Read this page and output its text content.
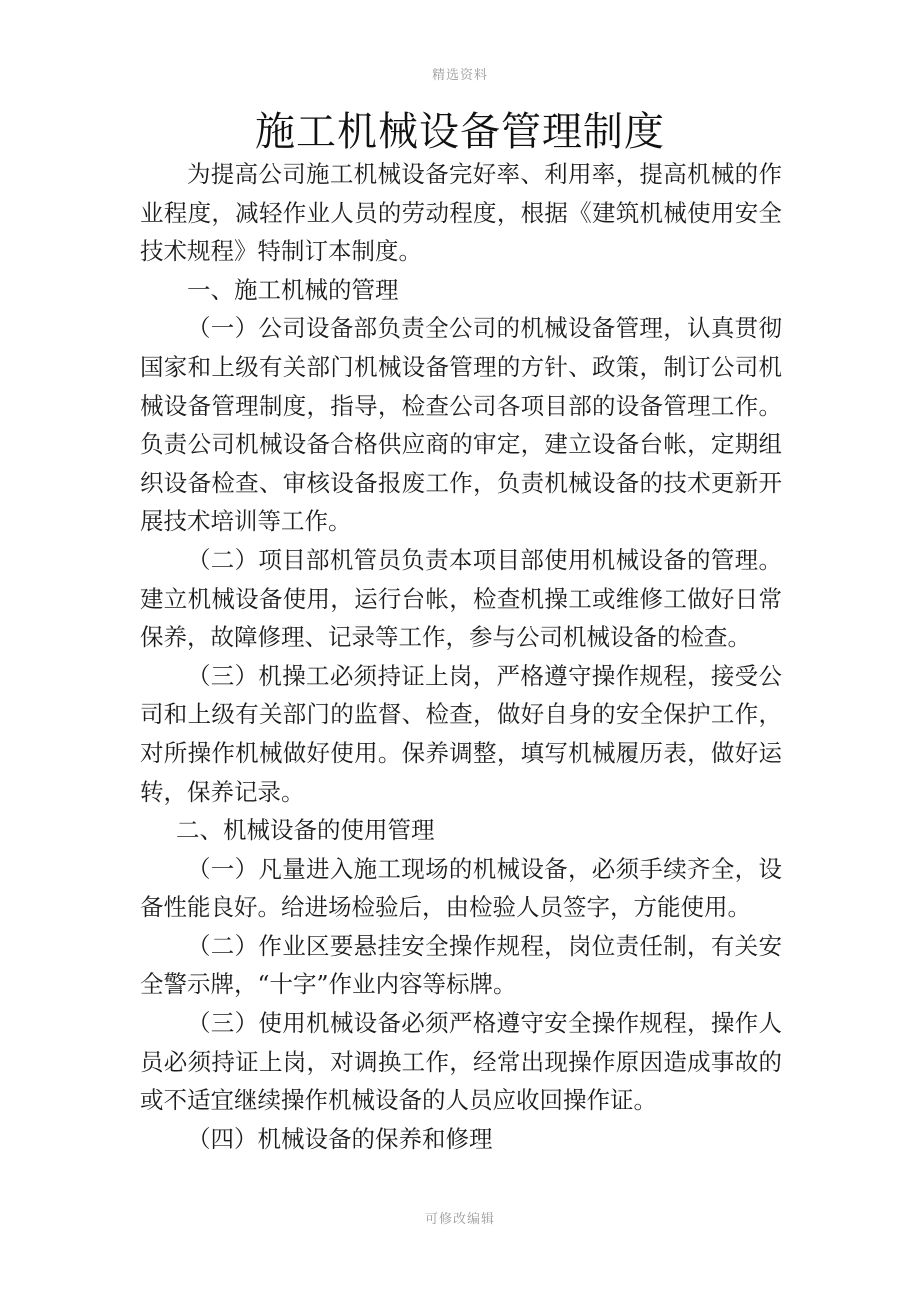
精选资料
施工机械设备管理制度

为提高公司施工机械设备完好率、利用率，提高机械的作业程度，减轻作业人员的劳动程度，根据《建筑机械使用安全技术规程》特制订本制度。

一、施工机械的管理

（一）公司设备部负责全公司的机械设备管理，认真贯彻国家和上级有关部门机械设备管理的方针、政策，制订公司机械设备管理制度，指导，检查公司各项目部的设备管理工作。负责公司机械设备合格供应商的审定，建立设备台帐，定期组织设备检查、审核设备报废工作，负责机械设备的技术更新开展技术培训等工作。

（二）项目部机管员负责本项目部使用机械设备的管理。建立机械设备使用，运行台帐，检查机操工或维修工做好日常保养，故障修理、记录等工作，参与公司机械设备的检查。

（三）机操工必须持证上岗，严格遵守操作规程，接受公司和上级有关部门的监督、检查，做好自身的安全保护工作，对所操作机械做好使用。保养调整，填写机械履历表，做好运转，保养记录。

二、机械设备的使用管理

（一）凡量进入施工现场的机械设备，必须手续齐全，设备性能良好。给进场检验后，由检验人员签字，方能使用。

（二）作业区要悬挂安全操作规程，岗位责任制，有关安全警示牌，“十字”作业内容等标牌。

（三）使用机械设备必须严格遵守安全操作规程，操作人员必须持证上岗，对调换工作，经常出现操作原因造成事故的或不适宜继续操作机械设备的人员应收回操作证。

（四）机械设备的保养和修理

可修改编辑
